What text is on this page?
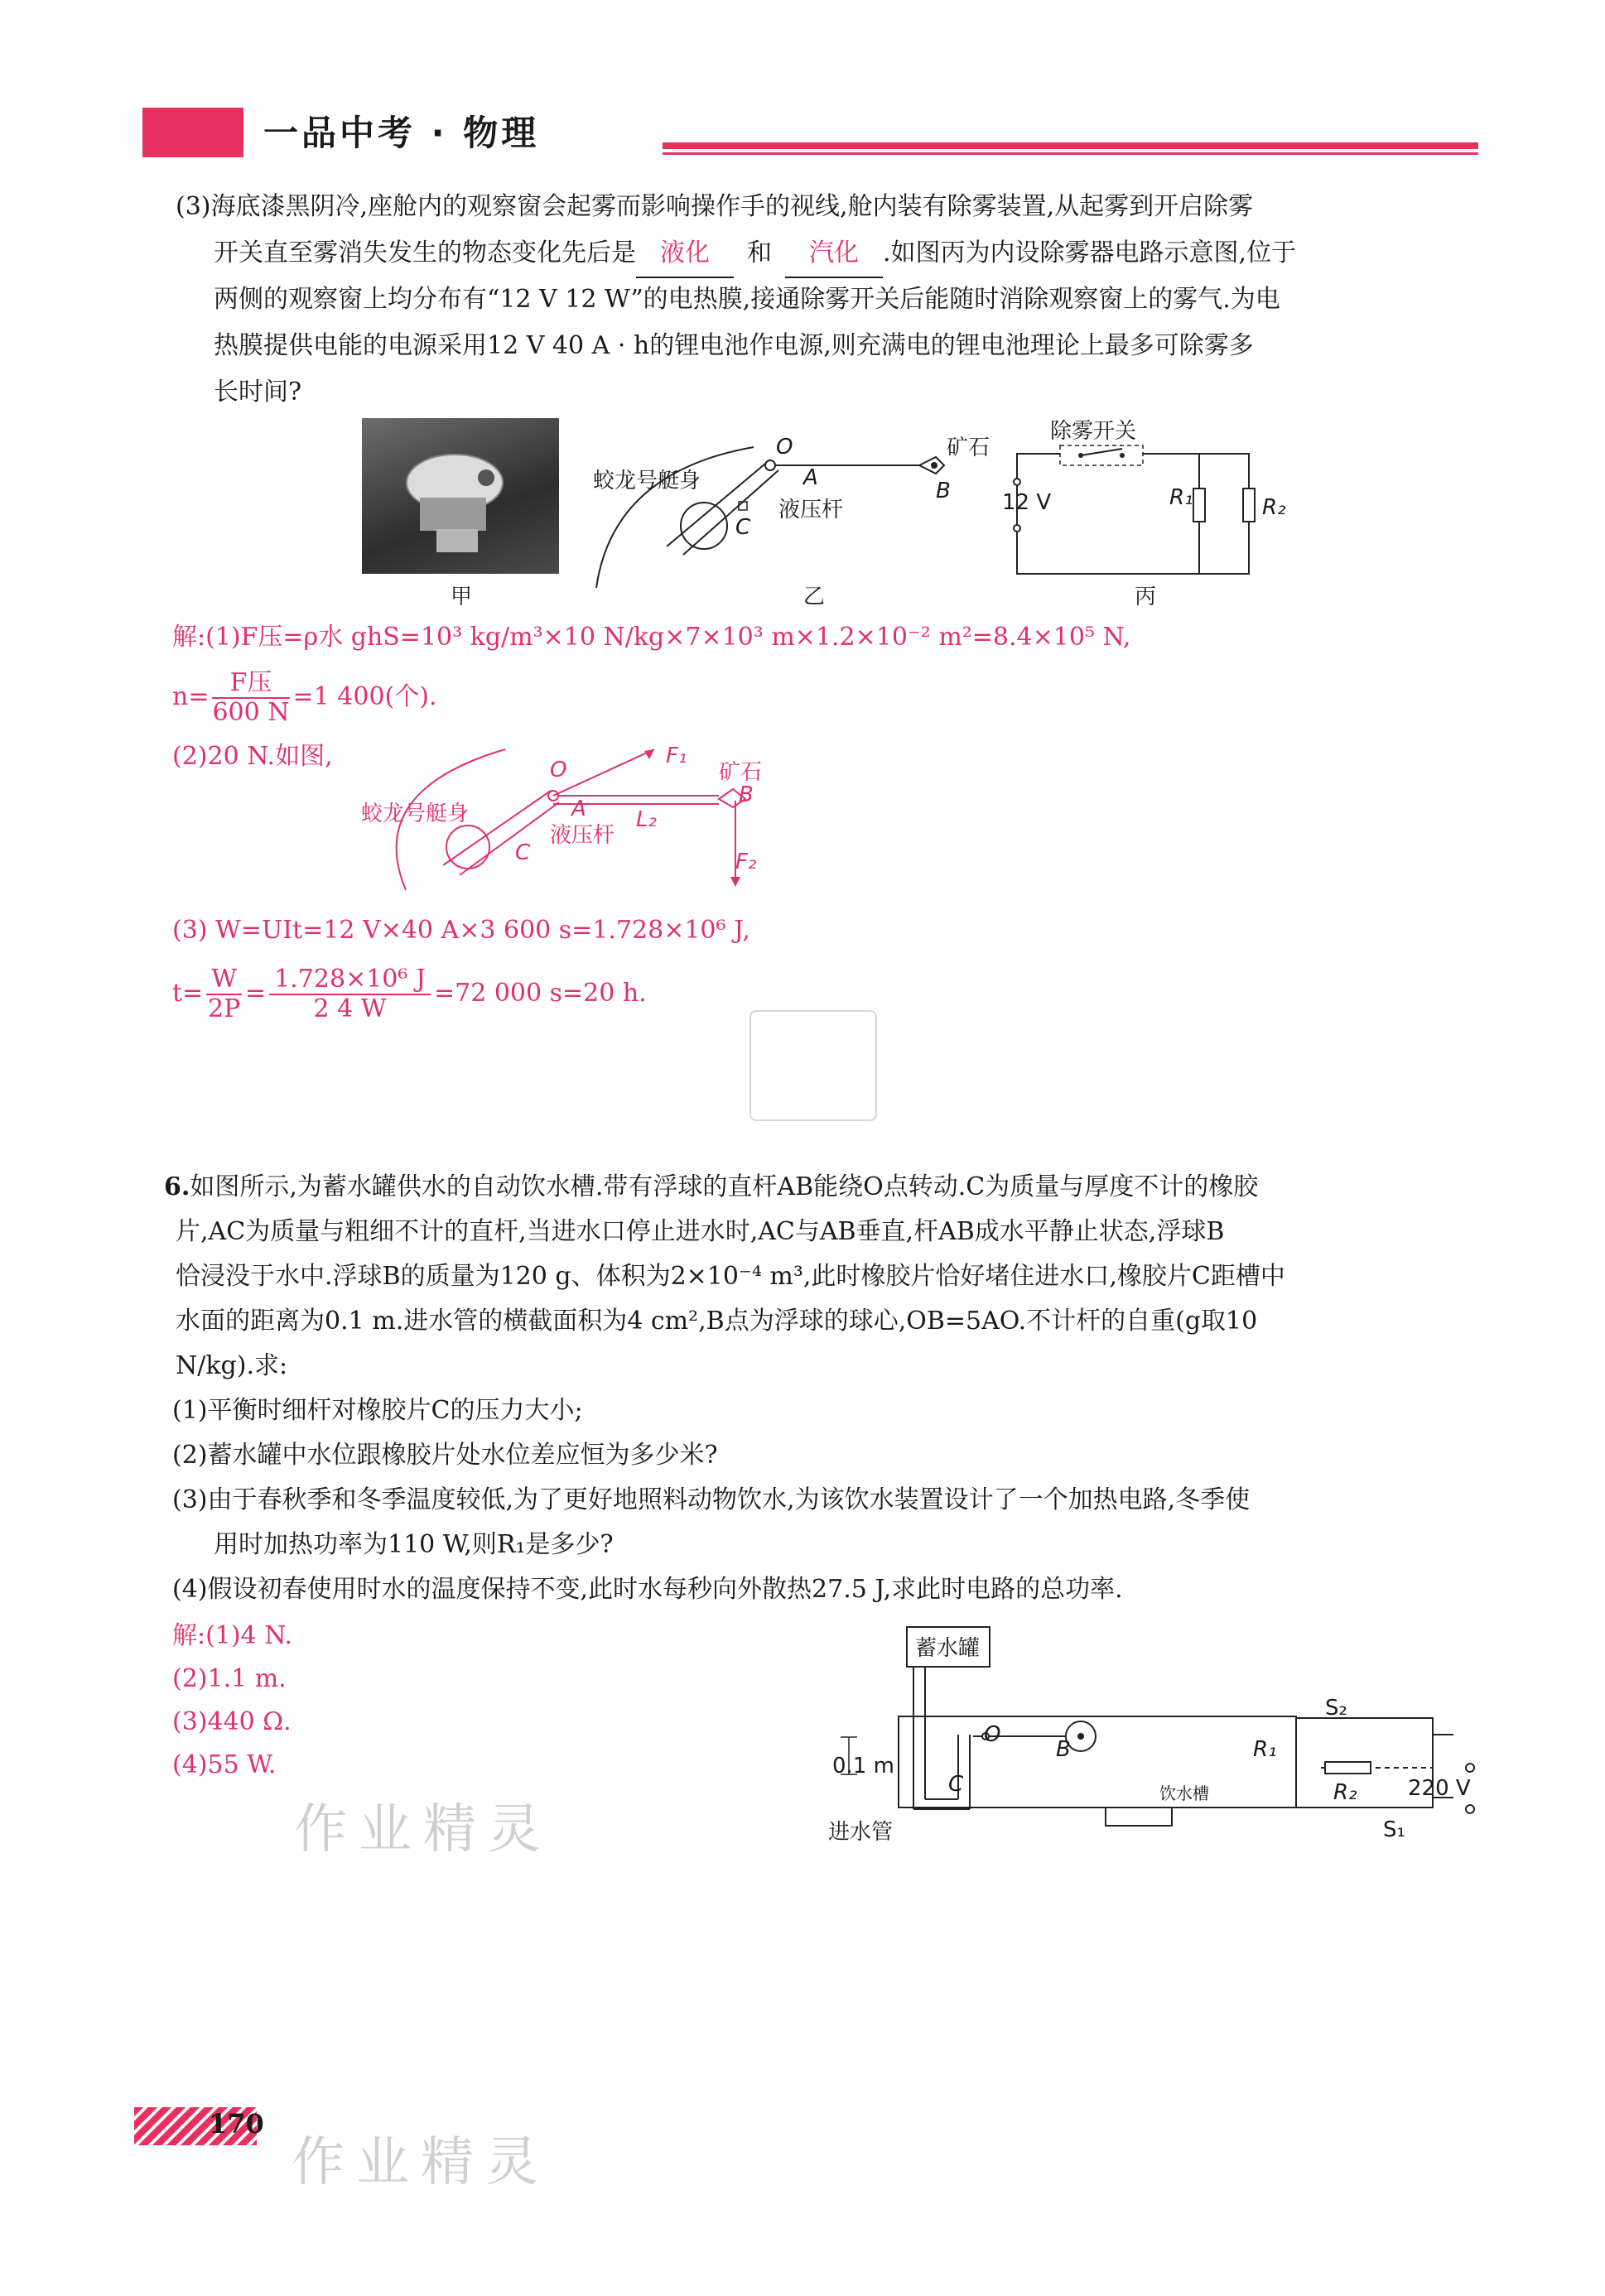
一品中考 · 物理
(3)海底漆黑阴冷,座舱内的观察窗会起雾而影响操作手的视线,舱内装有除雾装置,从起雾到开启除雾
开关直至雾消失发生的物态变化先后是 液化 和 汽化 .如图丙为内设除雾器电路示意图,位于
两侧的观察窗上均分布有“12 V 12 W”的电热膜,接通除雾开关后能随时消除观察窗上的雾气.为电
热膜提供电能的电源采用12 V 40 A · h的锂电池作电源,则充满电的锂电池理论上最多可除雾多
长时间?
甲
蛟龙号艇身
O
A
B
C
液压杆
矿石
乙
除雾开关
12 V	R₁	R₂
丙
解:(1)F压=ρ水 ghS=10³ kg/m³×10 N/kg×7×10³ m×1.2×10⁻² m²=8.4×10⁵ N,
$n= \frac{\text{F压}}{600 N} =1$ 400(个).
(2)20 N.如图,
蛟龙号艇身
O
A
C
液压杆
L₂
F₁
矿石
B
F₂
(3) W=UIt=12 V×40 A×3 600 s=1.728×10⁶ J,
$t= \frac{W}{2P} = \frac{\text{1.728×10⁶ J}}{2 4 W} =72$ 000 s=20 h.
6.如图所示,为蓄水罐供水的自动饮水槽.带有浮球的直杆AB能绕O点转动.C为质量与厚度不计的橡胶
片,AC为质量与粗细不计的直杆,当进水口停止进水时,AC与AB垂直,杆AB成水平静止状态,浮球B
恰浸没于水中.浮球B的质量为120 g、体积为2×10⁻⁴ m³,此时橡胶片恰好堵住进水口,橡胶片C距槽中
水面的距离为0.1 m.进水管的横截面积为4 cm²,B点为浮球的球心,OB=5AO.不计杆的自重(g取10
N/kg).求:
(1)平衡时细杆对橡胶片C的压力大小;
(2)蓄水罐中水位跟橡胶片处水位差应恒为多少米?
(3)由于春秋季和冬季温度较低,为了更好地照料动物饮水,为该饮水装置设计了一个加热电路,冬季使
用时加热功率为110 W,则R₁是多少?
(4)假设初春使用时水的温度保持不变,此时水每秒向外散热27.5 J,求此时电路的总功率.
解:(1)4 N.
(2)1.1 m.
(3)440 Ω.
(4)55 W.
蓄水罐
0.1 m
进水管
饮水槽
O
B
C
R₁
R₂
S₂
S₁
220 V
作业精灵
作业精灵
170
